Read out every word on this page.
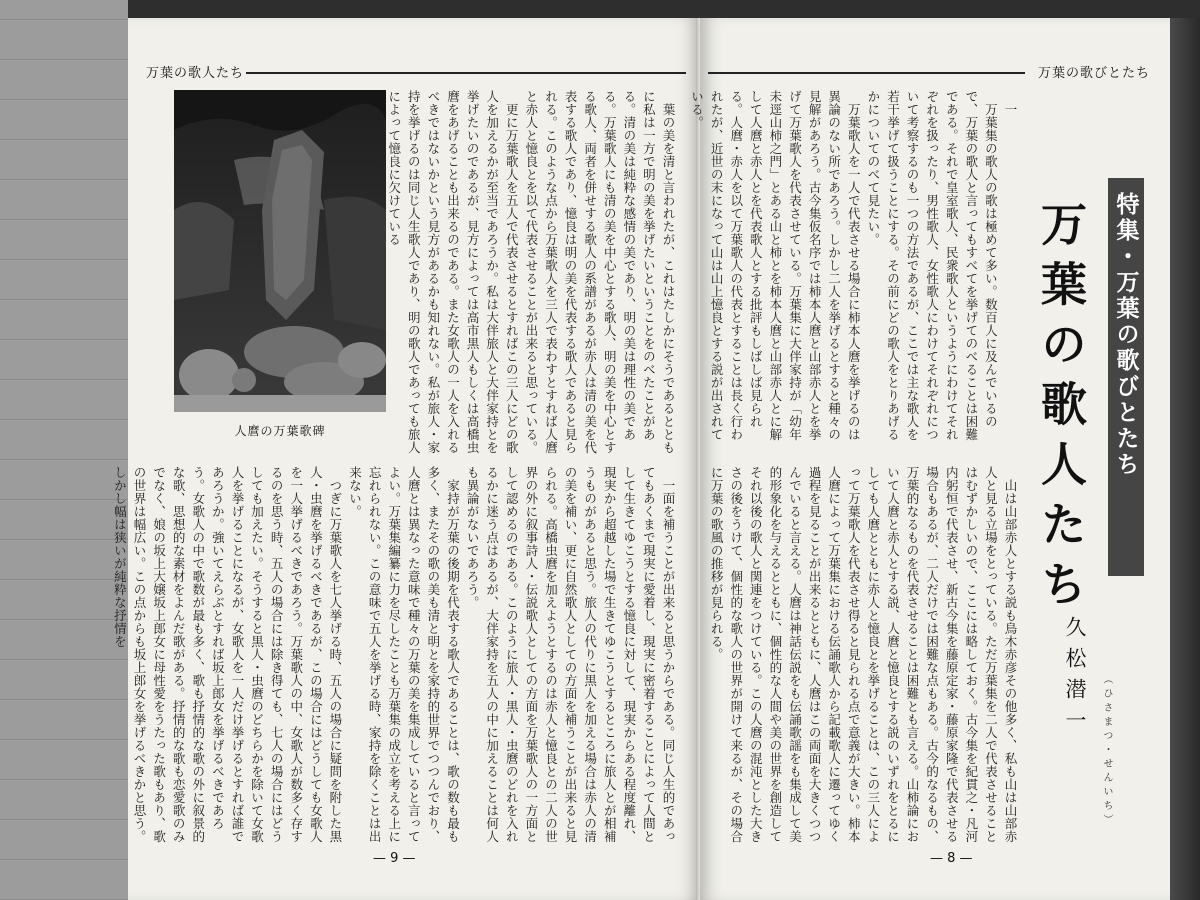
万葉の歌人たち
人麿の万葉歌碑	葉の美を清と言われたが、これはたしかにそうであるとともに私は一方で明の美を挙げたいということをのべたことがある。清の美は純粋な感情の美であり、明の美は理性の美である。万葉歌人にも清の美を中心とする歌人、明の美を中心とする歌人、両者を併せする歌人の系譜があるが赤人は清の美を代表する歌人であり、憶良は明の美を代表する歌人であると見られる。このような点から万葉歌人を三人で表わすとすれば人麿と赤人と憶良とを以て代表させることが出来ると思っている。

更に万葉歌人を五人で代表させるとすればこの三人にどの歌人を加えるかが至当であろうか。私は大伴旅人と大伴家持とを挙げたいのであるが、見方によっては高市黒人もしくは高橋虫麿をあげることも出来るのである。また女歌人の一人を入れるべきではないかという見方があるかも知れない。私が旅人・家持を挙げるのは同じ人生歌人であり、明の歌人であっても旅人によって憶良に欠けている

一面を補うことが出来ると思うからである。同じ人生的であってもあくまで現実に愛着し、現実に密着することによって人間として生きてゆこうとする憶良に対して、現実からある程度離れ、現実から超越した場で生きてゆこうとするところに旅人とが相補うものがあると思う。旅人の代りに黒人を加える場合は赤人の清の美を補い、更に自然歌人としての方面を補うことが出来ると見られる。高橋虫麿を加えようとするのは赤人と憶良との二人の世界の外に叙事詩人・伝説歌人としての方面を万葉歌人の一方面として認めるのである。このように旅人・黒人・虫麿のどれを入れるかに迷う点はあるが、大伴家持を五人の中に加えることは何人も異論がないであろう。

家持が万葉の後期を代表する歌人であることは、歌の数も最も多く、またその歌の美も清と明とを家持的世界でつつんでおり、人麿とは異なった意味で種々の万葉の美を集成していると言ってよい。万葉集編纂に力を尽したことも万葉集の成立を考える上に忘れられない。この意味で五人を挙げる時、家持を除くことは出来ない。

つぎに万葉歌人を七人挙げる時、五人の場合に疑問を附した黒人・虫麿を挙げるべきであるが、この場合にはどうしても女歌人を一人挙げるべきであろう。万葉歌人の中、女歌人が数多く存するのを思う時、五人の場合には除き得ても、七人の場合にはどうしても加えたい。そうすると黒人・虫麿のどちらかを除いて女歌人を挙げることになるが、女歌人を一人だけ挙げるとすれば誰であろうか。強いてえらぶとすれば坂上郎女を挙げるべきであろう。女歌人の中で歌数が最も多く、歌も抒情的な歌の外に叙景的な歌、思想的な素材をよんだ歌がある。抒情的な歌も恋愛歌のみでなく、娘の坂上大嬢坂上郎女に母性愛をうたった歌もあり、歌の世界は幅広い。この点からも坂上郎女を挙げるべきかと思う。しかし幅は狭いが純粋な抒情を

— 9 —
万葉の歌びとたち

一

万葉集の歌人の歌は極めて多い。数百人に及んでいるので、万葉の歌人と言ってもすべてを挙げてのべることは困難である。それで皇室歌人、民衆歌人というようにわけてそれぞれを扱ったり、男性歌人、女性歌人にわけてそれぞれについて考察するのも一つの方法であるが、ここでは主な歌人を若干挙げて扱うことにする。その前にどの歌人をとりあげるかについてのべて見たい。

万葉歌人を一人で代表させる場合に柿本人麿を挙げるのは異論のない所であろう。しかし二人を挙げるとすると種々の見解があろう。古今集仮名序では柿本人麿と山部赤人とを挙げて万葉歌人を代表させている。万葉集に大伴家持が「幼年未逕山柿之門」とある山と柿とを柿本人麿と山部赤人とに解して人麿と赤人とを代表歌人とする批評もしばしば見られる。人麿・赤人を以て万葉歌人の代表とすることは長く行われたが、近世の末になって山は山上憶良とする説が出されている。

山は山部赤人とする説も鳥木赤彦その他多く、私も山は山部赤人と見る立場をとっている。ただ万葉集を二人で代表させることはむずかしいので、ここには略しておく。古今集を紀貫之・凡河内躬恒で代表させ、新古今集を藤原定家・藤原家隆で代表させる場合もあるが、二人だけでは困難な点もある。古今的なるもの、万葉的なるものを代表させることは困難とも言える。山柿論において人麿と赤人とする説、人麿と憶良とする説のいずれをとるにしても人麿とともに赤人と憶良とを挙げることは、この三人によって万葉歌人を代表させ得ると見られる点で意義が大きい。柿本人麿によって万葉集における伝誦歌人から記載歌人に遷ってゆく過程を見ることが出来るとともに、人麿はこの両面を大きくつつんでいると言える。人麿は神話伝説をも伝誦歌謡をも集成して美的形象化を与えるとともに、個性的な人間や美の世界を創造してそれ以後の歌人と関連をつけている。この人麿の混沌とした大きさの後をうけて、個性的な歌人の世界が開けて来るが、その場合に万葉の歌風の推移が見られる。

特集・万葉の歌びとたち
万葉の歌人たち
久松潜一	（ひさまつ・せんいち）
— 8 —
